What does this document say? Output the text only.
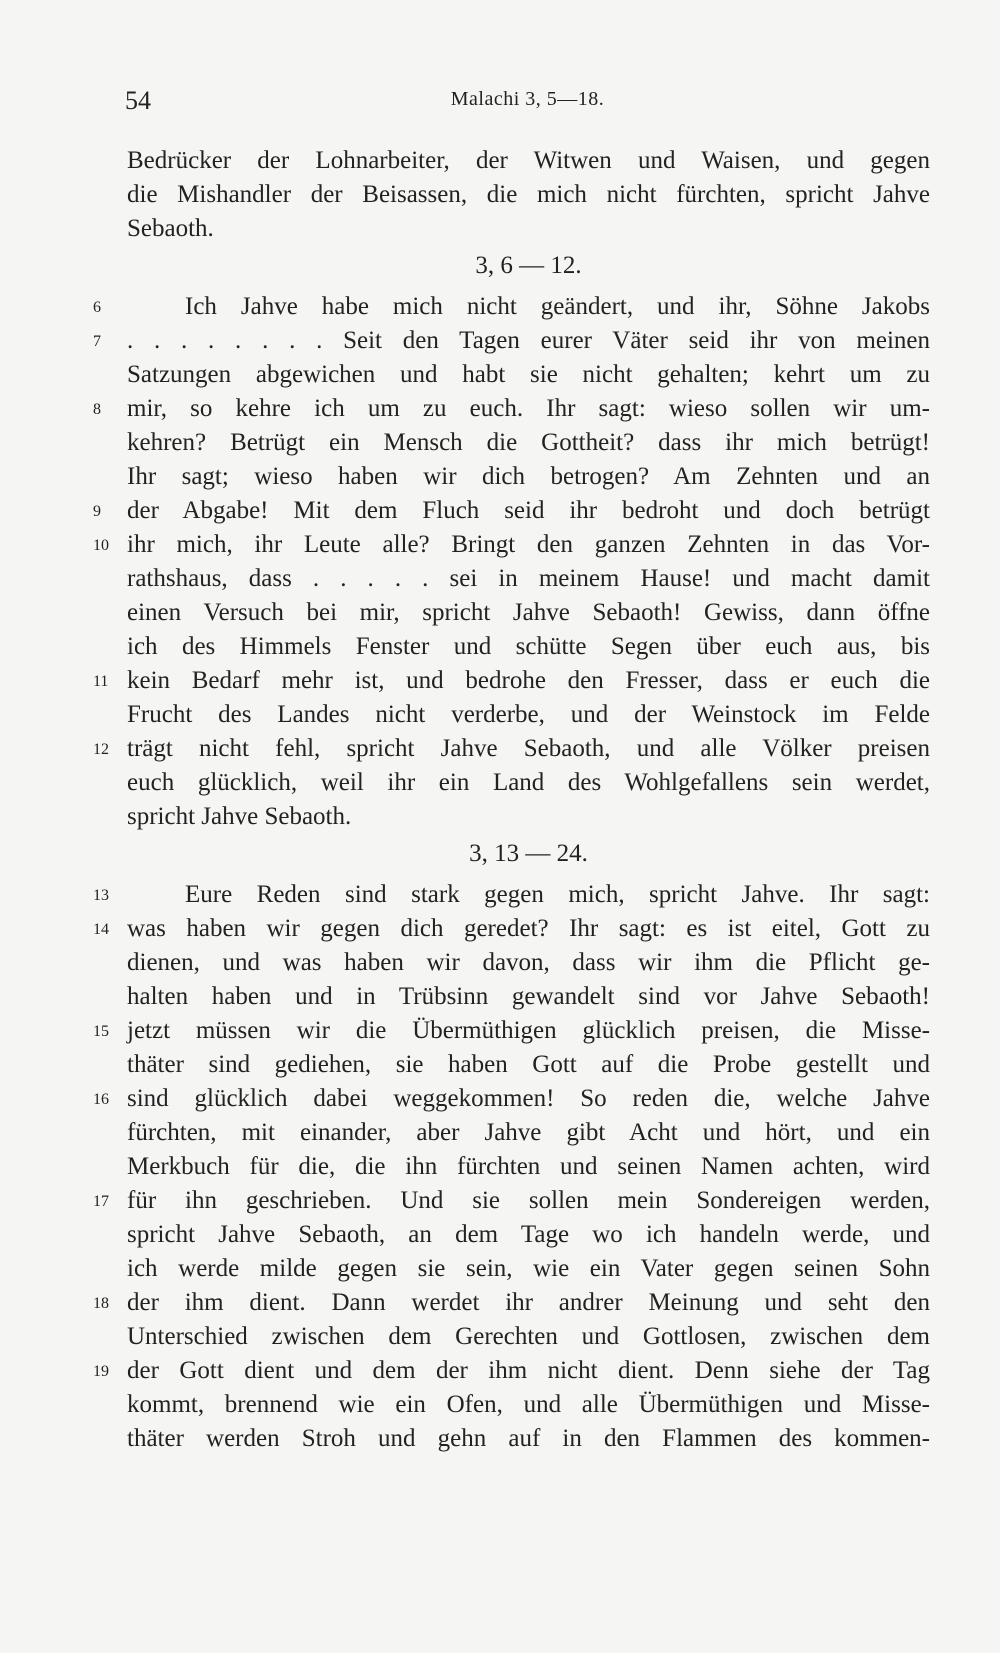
54	Malachi 3, 5—18.
Bedrücker der Lohnarbeiter, der Witwen und Waisen, und gegen
die Mishandler der Beisassen, die mich nicht fürchten, spricht Jahve
Sebaoth.
3, 6 — 12.
6	Ich Jahve habe mich nicht geändert, und ihr, Söhne Jakobs
7	. . . . . . . . Seit den Tagen eurer Väter seid ihr von meinen
Satzungen abgewichen und habt sie nicht gehalten; kehrt um zu
8	mir, so kehre ich um zu euch. Ihr sagt: wieso sollen wir um-
kehren? Betrügt ein Mensch die Gottheit? dass ihr mich betrügt!
Ihr sagt; wieso haben wir dich betrogen? Am Zehnten und an
9	der Abgabe! Mit dem Fluch seid ihr bedroht und doch betrügt
10 ihr mich, ihr Leute alle? Bringt den ganzen Zehnten in das Vor-
rathshaus, dass . . . . . sei in meinem Hause! und macht damit
einen Versuch bei mir, spricht Jahve Sebaoth! Gewiss, dann öffne
ich des Himmels Fenster und schütte Segen über euch aus, bis
11 kein Bedarf mehr ist, und bedrohe den Fresser, dass er euch die
Frucht des Landes nicht verderbe, und der Weinstock im Felde
12 trägt nicht fehl, spricht Jahve Sebaoth, und alle Völker preisen
euch glücklich, weil ihr ein Land des Wohlgefallens sein werdet,
spricht Jahve Sebaoth.
3, 13 — 24.
13	Eure Reden sind stark gegen mich, spricht Jahve. Ihr sagt:
14 was haben wir gegen dich geredet? Ihr sagt: es ist eitel, Gott zu
dienen, und was haben wir davon, dass wir ihm die Pflicht ge-
halten haben und in Trübsinn gewandelt sind vor Jahve Sebaoth!
15 jetzt müssen wir die Übermüthigen glücklich preisen, die Misse-
thäter sind gediehen, sie haben Gott auf die Probe gestellt und
16 sind glücklich dabei weggekommen! So reden die, welche Jahve
fürchten, mit einander, aber Jahve gibt Acht und hört, und ein
Merkbuch für die, die ihn fürchten und seinen Namen achten, wird
17 für ihn geschrieben. Und sie sollen mein Sondereigen werden,
spricht Jahve Sebaoth, an dem Tage wo ich handeln werde, und
ich werde milde gegen sie sein, wie ein Vater gegen seinen Sohn
18 der ihm dient. Dann werdet ihr andrer Meinung und seht den
Unterschied zwischen dem Gerechten und Gottlosen, zwischen dem
19 der Gott dient und dem der ihm nicht dient. Denn siehe der Tag
kommt, brennend wie ein Ofen, und alle Übermüthigen und Misse-
thäter werden Stroh und gehn auf in den Flammen des kommen-
